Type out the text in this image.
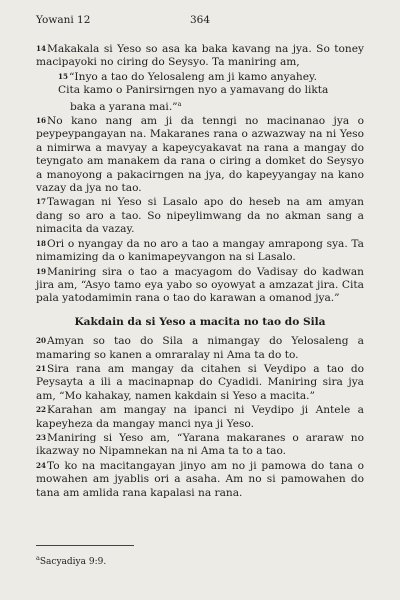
Yowani 12	364

14Makakala si Yeso so asa ka baka kavang na jya. So toney macipayoki no ciring do Seysyo. Ta maniring am,

15“Inyo a tao do Yelosaleng am ji kamo anyahey.
Cita kamo o Panirsirngen nyo a yamavang do likta
baka a yarana mai.”$^a$

16No kano nang am ji da tenngi no macinanao jya o peypeypangayan na. Makaranes rana o azwazway na ni Yeso a nimirwa a mavyay a kapeycyakavat na rana a mangay do teyngato am manakem da rana o ciring a domket do Seysyo a manoyong a pakacirngen na jya, do kapeyyangay na kano vazay da jya no tao.

17Tawagan ni Yeso si Lasalo apo do heseb na am amyan dang so aro a tao. So nipeylimwang da no akman sang a nimacita da vazay.

18Ori o nyangay da no aro a tao a mangay amrapong sya. Ta nimamizing da o kanimapeyvangon na si Lasalo.

19Maniring sira o tao a macyagom do Vadisay do kadwan jira am, “Asyo tamo eya yabo so oyowyat a amzazat jira. Cita pala yatodamimin rana o tao do karawan a omanod jya.”

Kakdain da si Yeso a macita no tao do Sila

20Amyan so tao do Sila a nimangay do Yelosaleng a mamaring so kanen a omraralay ni Ama ta do to.

21Sira rana am mangay da citahen si Veydipo a tao do Peysayta a ili a macinapnap do Cyadidi. Maniring sira jya am, “Mo kahakay, namen kakdain si Yeso a macita.”

22Karahan am mangay na ipanci ni Veydipo ji Antele a kapeyheza da mangay manci nya ji Yeso.

23Maniring si Yeso am, “Yarana makaranes o araraw no ikazway no Nipamnekan na ni Ama ta to a tao.

24To ko na macitangayan jinyo am no ji pamowa do tana o mowahen am jyablis ori a asaha. Am no si pamowahen do tana am amlida rana kapalasi na rana.

$^a$Sacyadiya 9:9.
